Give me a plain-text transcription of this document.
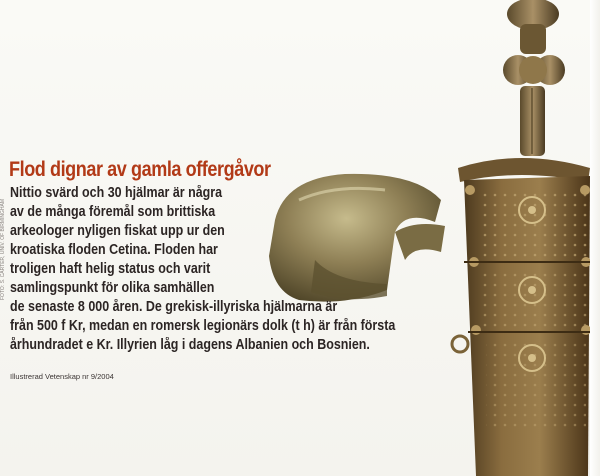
Flod dignar av gamla offergåvor
Nittio svärd och 30 hjälmar är några
av de många föremål som brittiska
arkeologer nyligen fiskat upp ur den
kroatiska floden Cetina. Floden har
troligen haft helig status och varit
samlingspunkt för olika samhällen
de senaste 8 000 åren. De grekisk-illyriska hjälmarna är
från 500 f Kr, medan en romersk legionärs dolk (t h) är från första
århundradet e Kr. Illyrien låg i dagens Albanien och Bosnien.
Illustrerad Vetenskap nr 9/2004
FOTO: S. CARTER, UNIV. OF BIRMINGHAM
